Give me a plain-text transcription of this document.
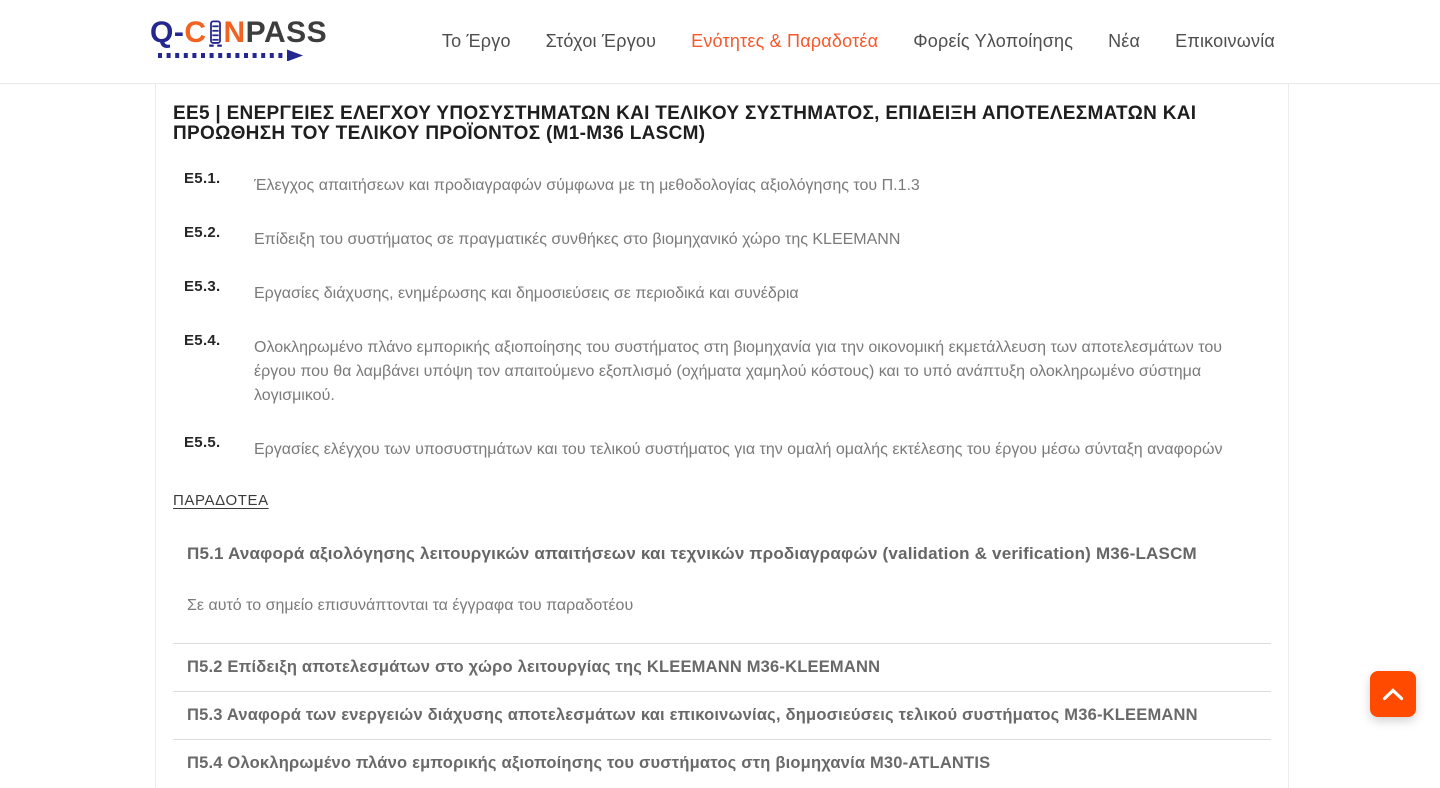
Q- C N PASS	Το Έργο Στόχοι Έργου Ενότητες & Παραδοτέα Φορείς Υλοποίησης Νέα Επικοινωνία
ΕΕ5 | ΕΝΕΡΓΕΙΕΣ ΕΛΕΓΧΟΥ ΥΠΟΣΥΣΤΗΜΑΤΩΝ ΚΑΙ ΤΕΛΙΚΟΥ ΣΥΣΤΗΜΑΤΟΣ, ΕΠΙΔΕΙΞΗ ΑΠΟΤΕΛΕΣΜΑΤΩΝ ΚΑΙ ΠΡΟΩΘΗΣΗ ΤΟΥ ΤΕΛΙΚΟΥ ΠΡΟΪΟΝΤΟΣ (Μ1-Μ36 LASCM)
Ε5.1.	Έλεγχος απαιτήσεων και προδιαγραφών σύμφωνα με τη μεθοδολογίας αξιολόγησης του Π.1.3
Ε5.2.	Επίδειξη του συστήματος σε πραγματικές συνθήκες στο βιομηχανικό χώρο της KLEEMANN
Ε5.3.	Εργασίες διάχυσης, ενημέρωσης και δημοσιεύσεις σε περιοδικά και συνέδρια
Ε5.4.	Ολοκληρωμένο πλάνο εμπορικής αξιοποίησης του συστήματος στη βιομηχανία για την οικονομική εκμετάλλευση των αποτελεσμάτων του έργου που θα λαμβάνει υπόψη τον απαιτούμενο εξοπλισμό (οχήματα χαμηλού κόστους) και το υπό ανάπτυξη ολοκληρωμένο σύστημα λογισμικού.
Ε5.5.	Εργασίες ελέγχου των υποσυστημάτων και του τελικού συστήματος για την ομαλή ομαλής εκτέλεσης του έργου μέσω σύνταξη αναφορών
ΠΑΡΑΔΟΤΕΑ
Π5.1 Αναφορά αξιολόγησης λειτουργικών απαιτήσεων και τεχνικών προδιαγραφών (validation & verification) M36-LASCM
Σε αυτό το σημείο επισυνάπτονται τα έγγραφα του παραδοτέου
Π5.2 Επίδειξη αποτελεσμάτων στο χώρο λειτουργίας της KLEEMANN M36-KLEEMANN
Π5.3 Αναφορά των ενεργειών διάχυσης αποτελεσμάτων και επικοινωνίας, δημοσιεύσεις τελικού συστήματος M36-KLEEMANN
Π5.4 Ολοκληρωμένο πλάνο εμπορικής αξιοποίησης του συστήματος στη βιομηχανία M30-ATLANTIS
